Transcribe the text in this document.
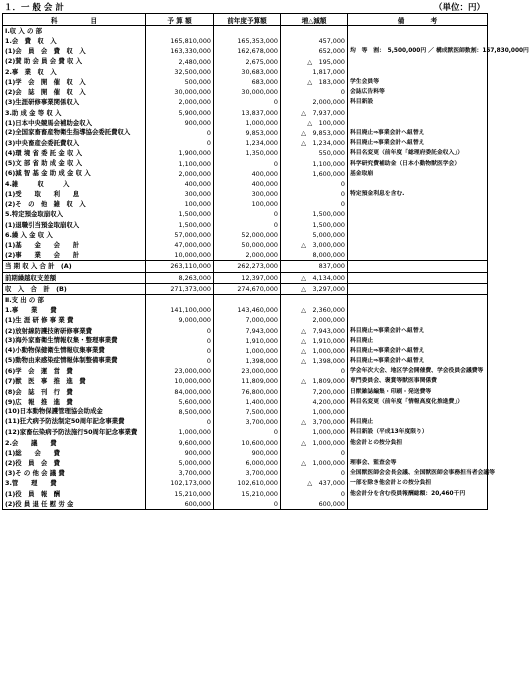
１．一 般 会 計	（単位：円）
科　　　　　目	予 算 額	前年度予算額	増△減額	備　　　　考
Ⅰ.収 入 の 部				
1.会　費　収　入	165,810,000	165,353,000	457,000	
(1)会　員　会　費　収　入	163,330,000	162,678,000	652,000	均　等　割：　5,500,000円 ／ 構成獣医師数割：157,830,000円
(2)賛 助 会 員 会 費 収 入	2,480,000	2,675,000	△　195,000	
2.事　業　収　入	32,500,000	30,683,000	1,817,000	
(1)学　会　開　催　収　入	500,000	683,000	△　183,000	学生会員等
(2)会　誌　開　催　収　入	30,000,000	30,000,000	0	会誌広告料等
(3)生涯研修事業関係収入	2,000,000	0	2,000,000	科目新設
3.助 成 金 等 収 入	5,900,000	13,837,000	△　7,937,000	
(1)日本中央競馬会補助金収入	900,000	1,000,000	△　100,000	
(2)全国家畜畜産物衛生指導協会委託費収入	0	9,853,000	△　9,853,000	科目廃止⇒事業会計へ組替え
(3)中央畜産会委託費収入	0	1,234,000	△　1,234,000	科目廃止⇒事業会計へ組替え
(4)環 境 省 委 託 金 収 入	1,900,000	1,350,000	550,000	科目名変更（前年度「総理府委託金収入」）
(5)文 部 省 助 成 金 収 入	1,100,000	0	1,100,000	科学研究費補助金（日本小動物獣医学会）
(6)減 智 基 金 助 成 金 収 入	2,000,000	400,000	1,600,000	基金取崩
4.雑　　　収　　　入	400,000	400,000	0	
(1)受　　取　　利　　息	300,000	300,000	0	特定預金利息を含む.
(2)そ　の　他　雑　収　入	100,000	100,000	0	
5.特定預金取崩収入	1,500,000	0	1,500,000	
(1)退職引当預金取崩収入	1,500,000	0	1,500,000	
6.繰 入 金 収 入	57,000,000	52,000,000	5,000,000	
(1)基　　金　　会　　計	47,000,000	50,000,000	△　3,000,000	
(2)事　　業　　会　　計	10,000,000	2,000,000	8,000,000	
当 期 収 入 合 計　(A)	263,110,000	262,273,000	837,000	
前期繰越収支差額	8,263,000	12,397,000	△　4,134,000	
収　入　合　計　(B)	271,373,000	274,670,000	△　3,297,000	
Ⅱ.支 出 の 部				
1.事　　業　　費	141,100,000	143,460,000	△　2,360,000	
(1)生 涯 研 修 事 業 費	9,000,000	7,000,000	2,000,000	
(2)放射線防護技術研修事業費	0	7,943,000	△　7,943,000	科目廃止⇒事業会計へ組替え
(3)海外家畜衛生情報収集・整理事業費	0	1,910,000	△　1,910,000	科目廃止
(4)小動物保健衛生情報収集事業費	0	1,000,000	△　1,000,000	科目廃止⇒事業会計へ組替え
(5)動物由来感染症情報体制整備事業費	0	1,398,000	△　1,398,000	科目廃止⇒事業会計へ組替え
(6)学　会　運　営　費	23,000,000	23,000,000	0	学会年次大会、地区学会開催費、学会役員会議費等
(7)獣　医　事　推　進　費	10,000,000	11,809,000	△　1,809,000	専門委員会、褒賞等獣医事関係費
(8)会　誌　刊　行　費	84,000,000	76,800,000	7,200,000	日獣雑誌編集・印刷・発送費等
(9)広　報　推　進　費	5,600,000	1,400,000	4,200,000	科目名変更（前年度「情報高度化推進費」）
(10)日本動物保護管理協会助成金	8,500,000	7,500,000	1,000,000	
(11)狂犬病予防法制定50周年記念事業費	0	3,700,000	△　3,700,000	科目廃止
(12)家畜伝染病予防法施行50周年記念事業費	1,000,000	0	1,000,000	科目新設（平成13年度限り）
2.会　　議　　費	9,600,000	10,600,000	△　1,000,000	他会計との按分負担
(1)総　　会　　費	900,000	900,000	0	
(2)役　員　会　費	5,000,000	6,000,000	△　1,000,000	理事会、監査会等
(3)そ の 他 会 議 費	3,700,000	3,700,000	0	全国獣医師会会長会議、全国獣医師会事務担当者会議等
3.管　　理　　費	102,173,000	102,610,000	△　437,000	一部を除き他会計との按分負担
(1)役　員　報　酬	15,210,000	15,210,000	0	他会計分を含む役員報酬総額：20,460千円
(2)役 員 退 任 慰 労 金	600,000	0	600,000	
